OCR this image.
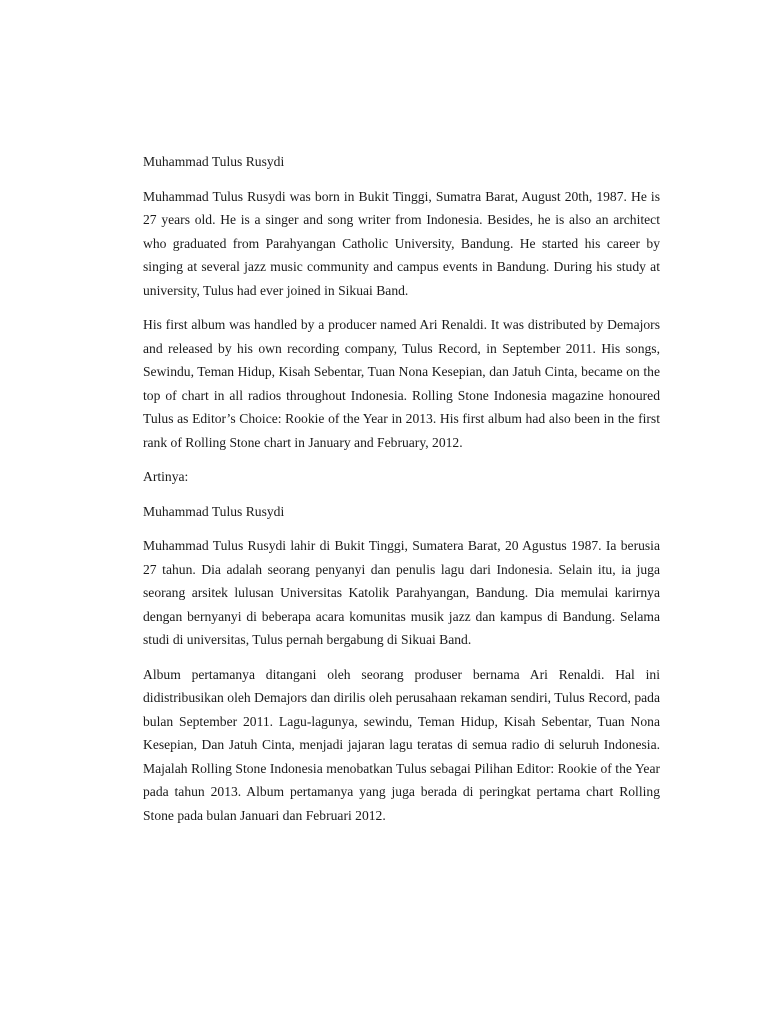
Muhammad Tulus Rusydi

Muhammad Tulus Rusydi was born in Bukit Tinggi, Sumatra Barat, August 20th, 1987. He is 27 years old. He is a singer and song writer from Indonesia. Besides, he is also an architect who graduated from Parahyangan Catholic University, Bandung. He started his career by singing at several jazz music community and campus events in Bandung. During his study at university, Tulus had ever joined in Sikuai Band.

His first album was handled by a producer named Ari Renaldi. It was distributed by Demajors and released by his own recording company, Tulus Record, in September 2011. His songs, Sewindu, Teman Hidup, Kisah Sebentar, Tuan Nona Kesepian, dan Jatuh Cinta, became on the top of chart in all radios throughout Indonesia. Rolling Stone Indonesia magazine honoured Tulus as Editor’s Choice: Rookie of the Year in 2013. His first album had also been in the first rank of Rolling Stone chart in January and February, 2012.

Artinya:

Muhammad Tulus Rusydi

Muhammad Tulus Rusydi lahir di Bukit Tinggi, Sumatera Barat, 20 Agustus 1987. Ia berusia 27 tahun. Dia adalah seorang penyanyi dan penulis lagu dari Indonesia. Selain itu, ia juga seorang arsitek lulusan Universitas Katolik Parahyangan, Bandung. Dia memulai karirnya dengan bernyanyi di beberapa acara komunitas musik jazz dan kampus di Bandung. Selama studi di universitas, Tulus pernah bergabung di Sikuai Band.

Album pertamanya ditangani oleh seorang produser bernama Ari Renaldi. Hal ini didistribusikan oleh Demajors dan dirilis oleh perusahaan rekaman sendiri, Tulus Record, pada bulan September 2011. Lagu-lagunya, sewindu, Teman Hidup, Kisah Sebentar, Tuan Nona Kesepian, Dan Jatuh Cinta, menjadi jajaran lagu teratas di semua radio di seluruh Indonesia. Majalah Rolling Stone Indonesia menobatkan Tulus sebagai Pilihan Editor: Rookie of the Year pada tahun 2013. Album pertamanya yang juga berada di peringkat pertama chart Rolling Stone pada bulan Januari dan Februari 2012.
